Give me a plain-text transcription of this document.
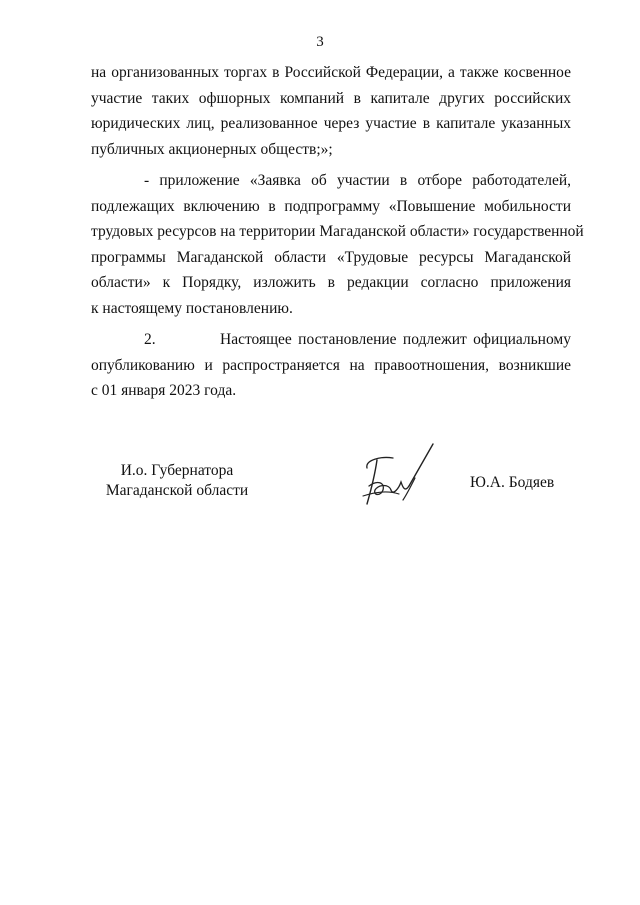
3
на организованных торгах в Российской Федерации, а также косвенное
участие таких офшорных компаний в капитале других российских
юридических лиц, реализованное через участие в капитале указанных
публичных акционерных обществ;»;
- приложение «Заявка об участии в отборе работодателей,
подлежащих включению в подпрограмму «Повышение мобильности
трудовых ресурсов на территории Магаданской области» государственной
программы Магаданской области «Трудовые ресурсы Магаданской
области» к Порядку, изложить в редакции согласно приложения
к настоящему постановлению.
2.	Настоящее постановление подлежит официальному
опубликованию и распространяется на правоотношения, возникшие
с 01 января 2023 года.
И.о. Губернатора
Магаданской области	Ю.А. Бодяев
